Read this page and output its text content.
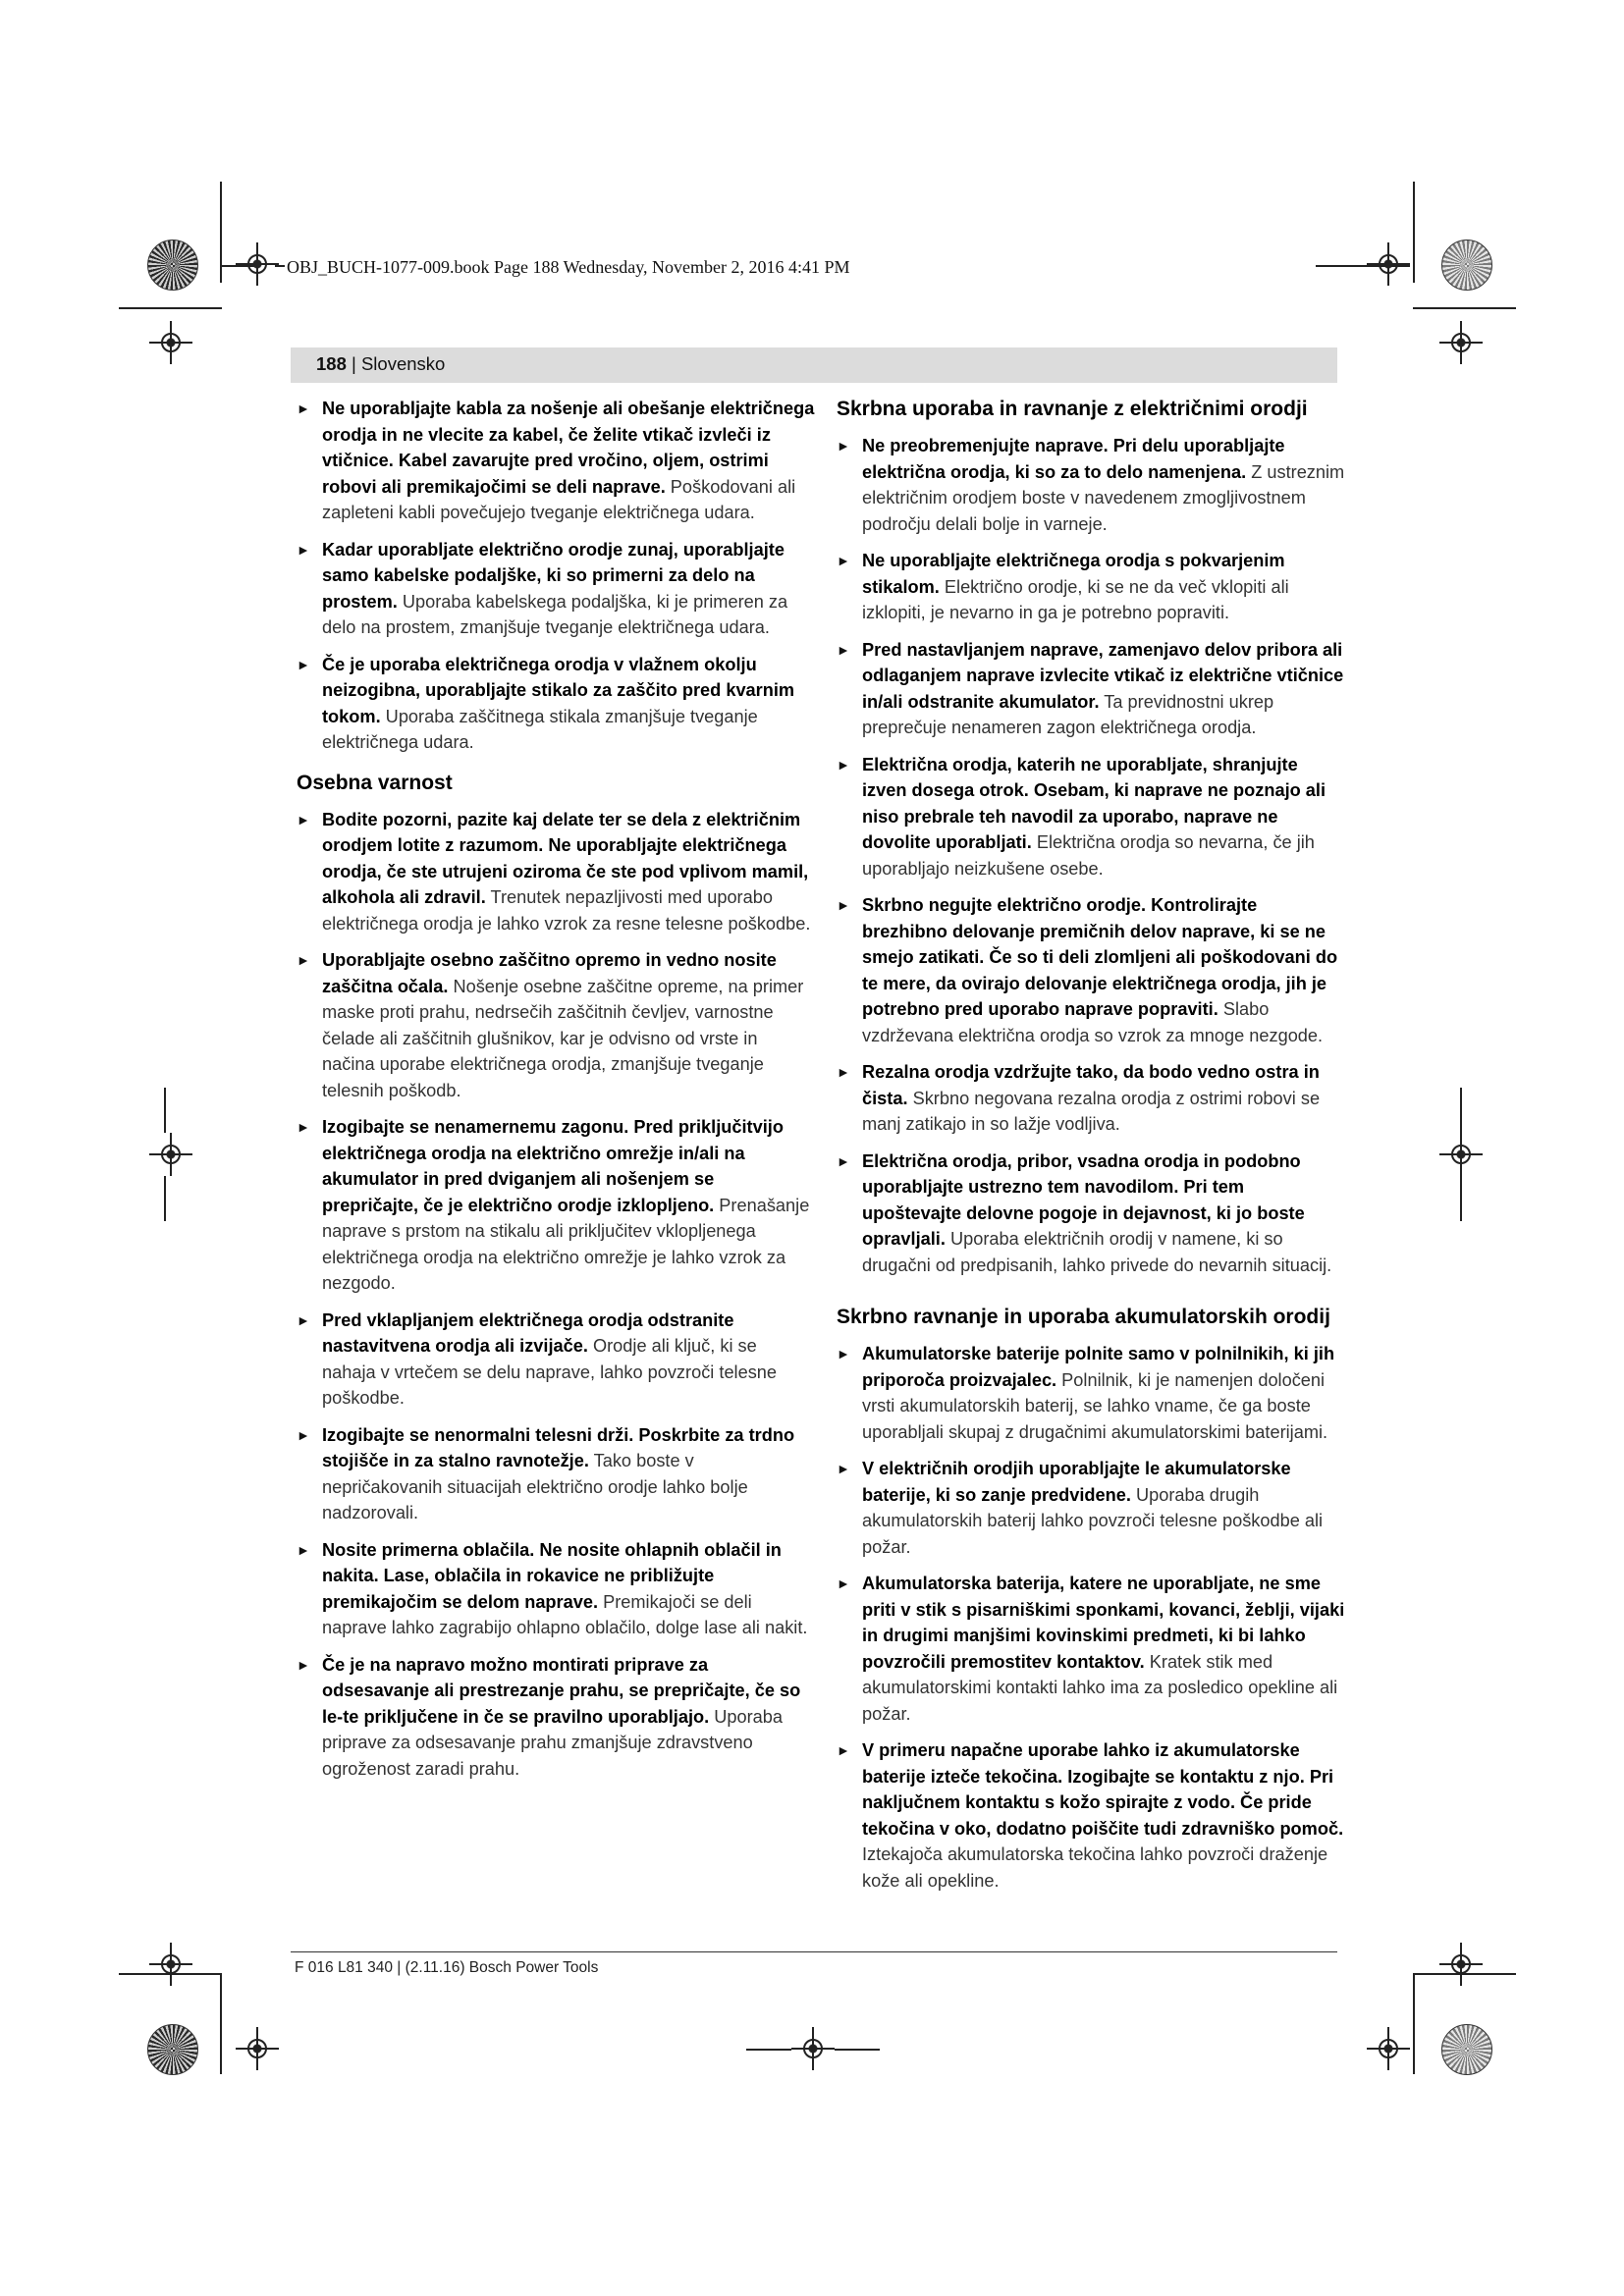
OBJ_BUCH-1077-009.book Page 188 Wednesday, November 2, 2016 4:41 PM
188 | Slovensko
► Ne uporabljajte kabla za nošenje ali obešanje električnega orodja in ne vlecite za kabel, če želite vtikač izvleči iz vtičnice. Kabel zavarujte pred vročino, oljem, ostrimi robovi ali premikajočimi se deli naprave. Poškodovani ali zapleteni kabli povečujejo tveganje električnega udara.
► Kadar uporabljate električno orodje zunaj, uporabljajte samo kabelske podaljške, ki so primerni za delo na prostem. Uporaba kabelskega podaljška, ki je primeren za delo na prostem, zmanjšuje tveganje električnega udara.
► Če je uporaba električnega orodja v vlažnem okolju neizogibna, uporabljajte stikalo za zaščito pred kvarnim tokom. Uporaba zaščitnega stikala zmanjšuje tveganje električnega udara.
Osebna varnost
► Bodite pozorni, pazite kaj delate ter se dela z električnim orodjem lotite z razumom. Ne uporabljajte električnega orodja, če ste utrujeni oziroma če ste pod vplivom mamil, alkohola ali zdravil. Trenutek nepazljivosti med uporabo električnega orodja je lahko vzrok za resne telesne poškodbe.
► Uporabljajte osebno zaščitno opremo in vedno nosite zaščitna očala. Nošenje osebne zaščitne opreme, na primer maske proti prahu, nedrsečih zaščitnih čevljev, varnostne čelade ali zaščitnih glušnikov, kar je odvisno od vrste in načina uporabe električnega orodja, zmanjšuje tveganje telesnih poškodb.
► Izogibajte se nenamernemu zagonu. Pred priključitvijo električnega orodja na električno omrežje in/ali na akumulator in pred dviganjem ali nošenjem se prepričajte, če je električno orodje izklopljeno. Prenašanje naprave s prstom na stikalu ali priključitev vklopljenega električnega orodja na električno omrežje je lahko vzrok za nezgodo.
► Pred vklapljanjem električnega orodja odstranite nastavitvena orodja ali izvijače. Orodje ali ključ, ki se nahaja v vrtečem se delu naprave, lahko povzroči telesne poškodbe.
► Izogibajte se nenormalni telesni drži. Poskrbite za trdno stojišče in za stalno ravnotežje. Tako boste v nepričakovanih situacijah električno orodje lahko bolje nadzorovali.
► Nosite primerna oblačila. Ne nosite ohlapnih oblačil in nakita. Lase, oblačila in rokavice ne približujte premikajočim se delom naprave. Premikajoči se deli naprave lahko zagrabijo ohlapno oblačilo, dolge lase ali nakit.
► Če je na napravo možno montirati priprave za odsesavanje ali prestrezanje prahu, se prepričajte, če so le-te priključene in če se pravilno uporabljajo. Uporaba priprave za odsesavanje prahu zmanjšuje zdravstveno ogroženost zaradi prahu.
Skrbna uporaba in ravnanje z električnimi orodji
► Ne preobremenjujte naprave. Pri delu uporabljajte električna orodja, ki so za to delo namenjena. Z ustreznim električnim orodjem boste v navedenem zmogljivostnem področju delali bolje in varneje.
► Ne uporabljajte električnega orodja s pokvarjenim stikalom. Električno orodje, ki se ne da več vklopiti ali izklopiti, je nevarno in ga je potrebno popraviti.
► Pred nastavljanjem naprave, zamenjavo delov pribora ali odlaganjem naprave izvlecite vtikač iz električne vtičnice in/ali odstranite akumulator. Ta previdnostni ukrep preprečuje nenameren zagon električnega orodja.
► Električna orodja, katerih ne uporabljate, shranjujte izven dosega otrok. Osebam, ki naprave ne poznajo ali niso prebrale teh navodil za uporabo, naprave ne dovolite uporabljati. Električna orodja so nevarna, če jih uporabljajo neizkušene osebe.
► Skrbno negujte električno orodje. Kontrolirajte brezhibno delovanje premičnih delov naprave, ki se ne smejo zatikati. Če so ti deli zlomljeni ali poškodovani do te mere, da ovirajo delovanje električnega orodja, jih je potrebno pred uporabo naprave popraviti. Slabo vzdrževana električna orodja so vzrok za mnoge nezgode.
► Rezalna orodja vzdržujte tako, da bodo vedno ostra in čista. Skrbno negovana rezalna orodja z ostrimi robovi se manj zatikajo in so lažje vodljiva.
► Električna orodja, pribor, vsadna orodja in podobno uporabljajte ustrezno tem navodilom. Pri tem upoštevajte delovne pogoje in dejavnost, ki jo boste opravljali. Uporaba električnih orodij v namene, ki so drugačni od predpisanih, lahko privede do nevarnih situacij.
Skrbno ravnanje in uporaba akumulatorskih orodij
► Akumulatorske baterije polnite samo v polnilnikih, ki jih priporoča proizvajalec. Polnilnik, ki je namenjen določeni vrsti akumulatorskih baterij, se lahko vname, če ga boste uporabljali skupaj z drugačnimi akumulatorskimi baterijami.
► V električnih orodjih uporabljajte le akumulatorske baterije, ki so zanje predvidene. Uporaba drugih akumulatorskih baterij lahko povzroči telesne poškodbe ali požar.
► Akumulatorska baterija, katere ne uporabljate, ne sme priti v stik s pisarniškimi sponkami, kovanci, žeblji, vijaki in drugimi manjšimi kovinskimi predmeti, ki bi lahko povzročili premostitev kontaktov. Kratek stik med akumulatorskimi kontakti lahko ima za posledico opekline ali požar.
► V primeru napačne uporabe lahko iz akumulatorske baterije izteče tekočina. Izogibajte se kontaktu z njo. Pri naključnem kontaktu s kožo spirajte z vodo. Če pride tekočina v oko, dodatno poiščite tudi zdravniško pomoč. Iztekajoča akumulatorska tekočina lahko povzroči draženje kože ali opekline.
F 016 L81 340 | (2.11.16) Bosch Power Tools
